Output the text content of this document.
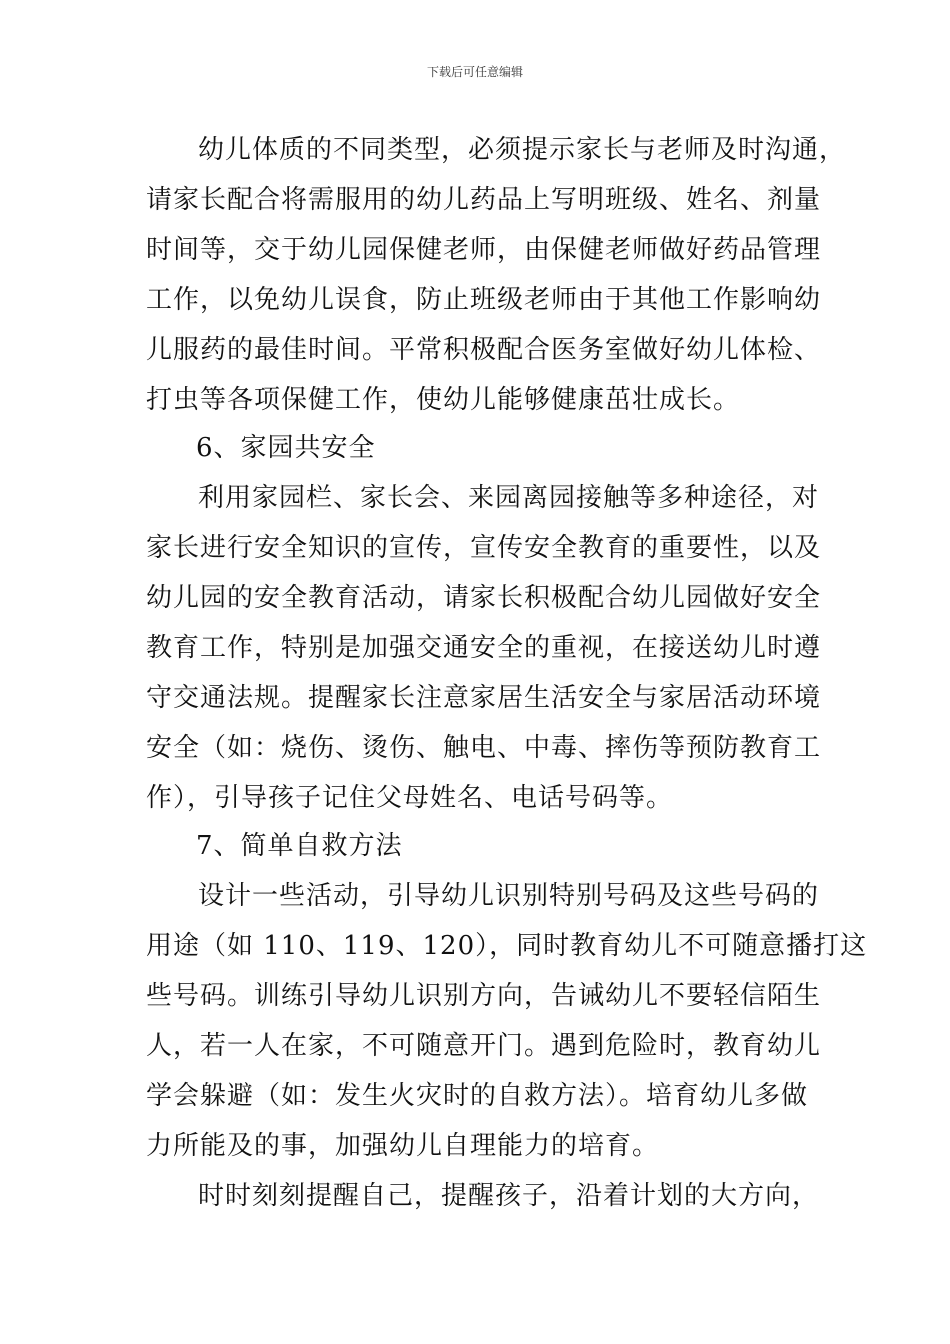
下载后可任意编辑
幼儿体质的不同类型，必须提示家长与老师及时沟通，
请家长配合将需服用的幼儿药品上写明班级、姓名、剂量
时间等，交于幼儿园保健老师，由保健老师做好药品管理
工作，以免幼儿误食，防止班级老师由于其他工作影响幼
儿服药的最佳时间。平常积极配合医务室做好幼儿体检、
打虫等各项保健工作，使幼儿能够健康茁壮成长。
6、家园共安全
利用家园栏、家长会、来园离园接触等多种途径，对
家长进行安全知识的宣传，宣传安全教育的重要性，以及
幼儿园的安全教育活动，请家长积极配合幼儿园做好安全
教育工作，特别是加强交通安全的重视，在接送幼儿时遵
守交通法规。提醒家长注意家居生活安全与家居活动环境
安全（如：烧伤、烫伤、触电、中毒、摔伤等预防教育工
作），引导孩子记住父母姓名、电话号码等。
7、简单自救方法
设计一些活动，引导幼儿识别特别号码及这些号码的
用途（如 110、119、120），同时教育幼儿不可随意播打这
些号码。训练引导幼儿识别方向，告诫幼儿不要轻信陌生
人，若一人在家，不可随意开门。遇到危险时，教育幼儿
学会躲避（如：发生火灾时的自救方法）。培育幼儿多做
力所能及的事，加强幼儿自理能力的培育。
时时刻刻提醒自己，提醒孩子，沿着计划的大方向，
